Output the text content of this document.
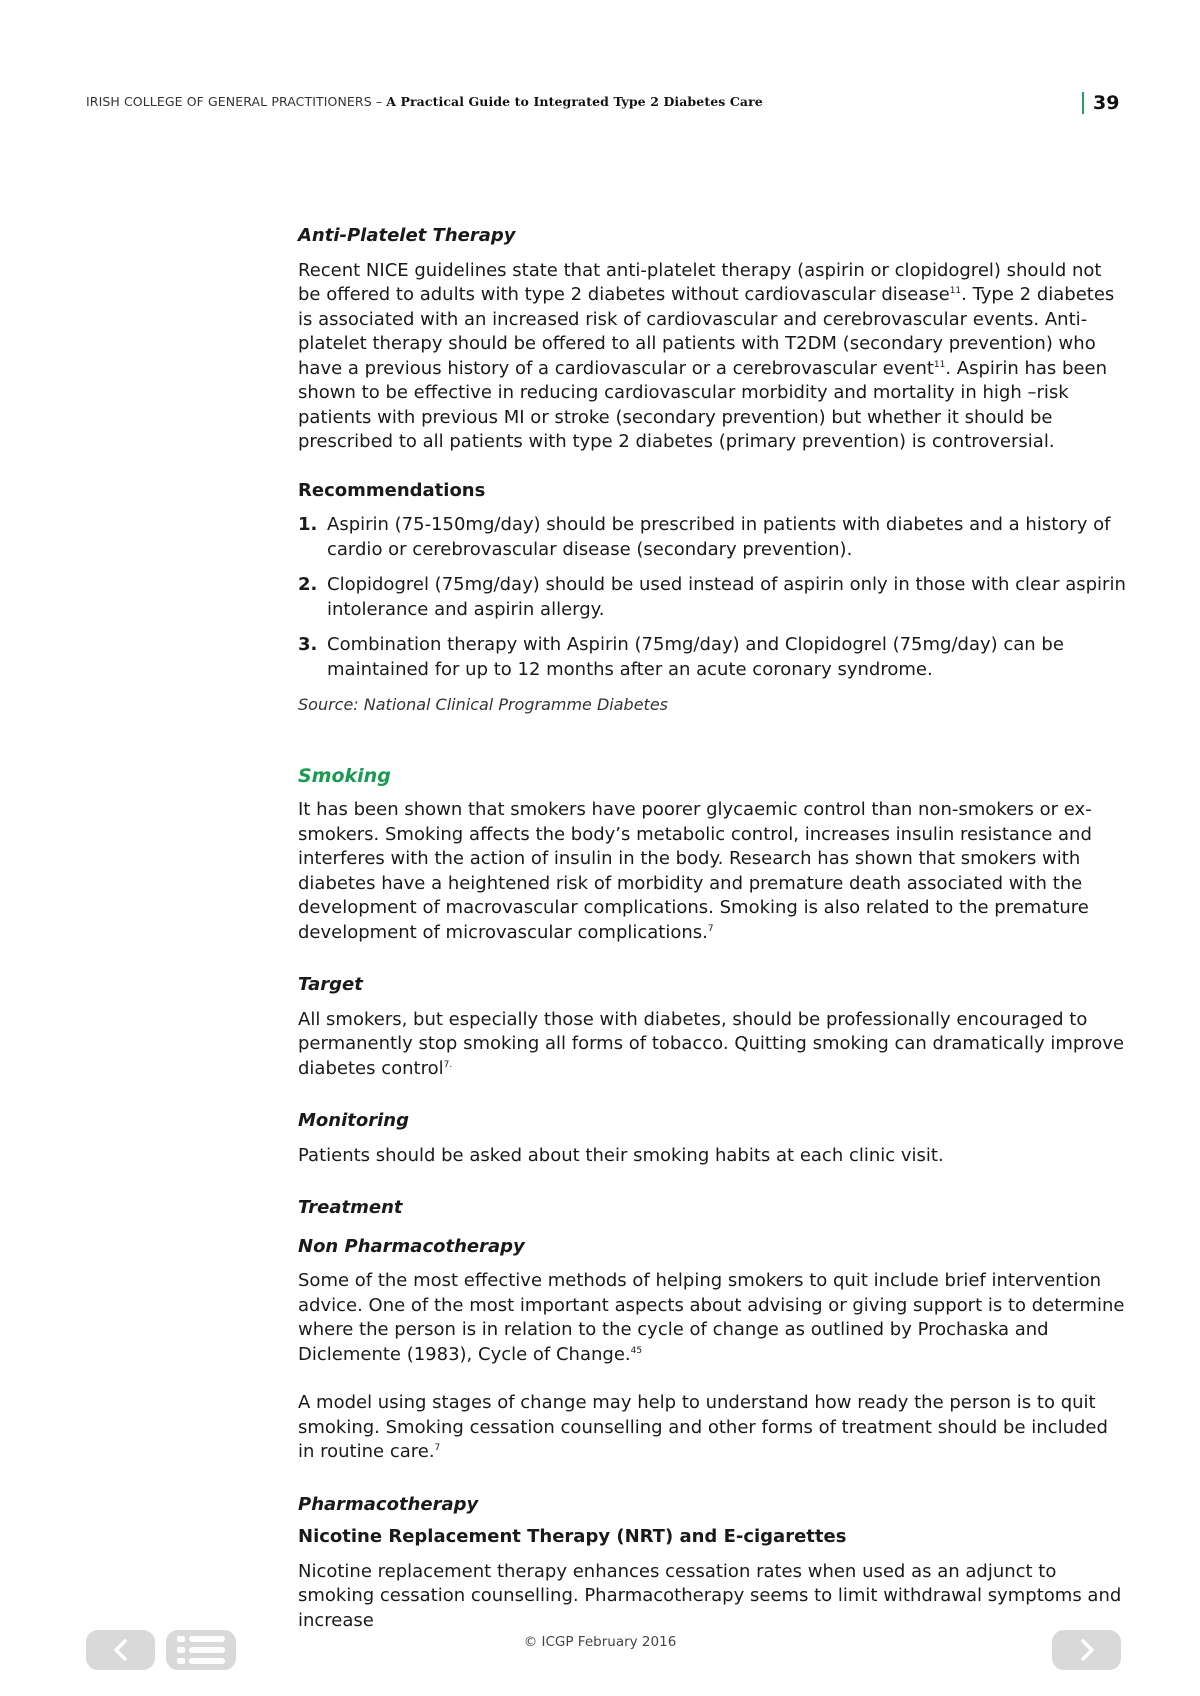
IRISH COLLEGE OF GENERAL PRACTITIONERS – A Practical Guide to Integrated Type 2 Diabetes Care	39
Anti-Platelet Therapy

Recent NICE guidelines state that anti-platelet therapy (aspirin or clopidogrel) should not be offered to adults with type 2 diabetes without cardiovascular disease$^{11}$. Type 2 diabetes is associated with an increased risk of cardiovascular and cerebrovascular events. Anti-platelet therapy should be offered to all patients with T2DM (secondary prevention) who have a previous history of a cardiovascular or a cerebrovascular event$^{11}$. Aspirin has been shown to be effective in reducing cardiovascular morbidity and mortality in high –risk patients with previous MI or stroke (secondary prevention) but whether it should be prescribed to all patients with type 2 diabetes (primary prevention) is controversial.

Recommendations
1. Aspirin (75-150mg/day) should be prescribed in patients with diabetes and a history of cardio or cerebrovascular disease (secondary prevention).
2. Clopidogrel (75mg/day) should be used instead of aspirin only in those with clear aspirin intolerance and aspirin allergy.
3. Combination therapy with Aspirin (75mg/day) and Clopidogrel (75mg/day) can be maintained for up to 12 months after an acute coronary syndrome.
Source: National Clinical Programme Diabetes
Smoking

It has been shown that smokers have poorer glycaemic control than non-smokers or ex-smokers. Smoking affects the body’s metabolic control, increases insulin resistance and interferes with the action of insulin in the body. Research has shown that smokers with diabetes have a heightened risk of morbidity and premature death associated with the development of macrovascular complications. Smoking is also related to the premature development of microvascular complications.$^7$

Target

All smokers, but especially those with diabetes, should be professionally encouraged to permanently stop smoking all forms of tobacco. Quitting smoking can dramatically improve diabetes control$^{7.}$

Monitoring

Patients should be asked about their smoking habits at each clinic visit.

Treatment
Non Pharmacotherapy

Some of the most effective methods of helping smokers to quit include brief intervention advice. One of the most important aspects about advising or giving support is to determine where the person is in relation to the cycle of change as outlined by Prochaska and Diclemente (1983), Cycle of Change.$^{45}$

A model using stages of change may help to understand how ready the person is to quit smoking. Smoking cessation counselling and other forms of treatment should be included in routine care.$^7$

Pharmacotherapy
Nicotine Replacement Therapy (NRT) and E-cigarettes

Nicotine replacement therapy enhances cessation rates when used as an adjunct to smoking cessation counselling. Pharmacotherapy seems to limit withdrawal symptoms and increase

© ICGP February 2016
